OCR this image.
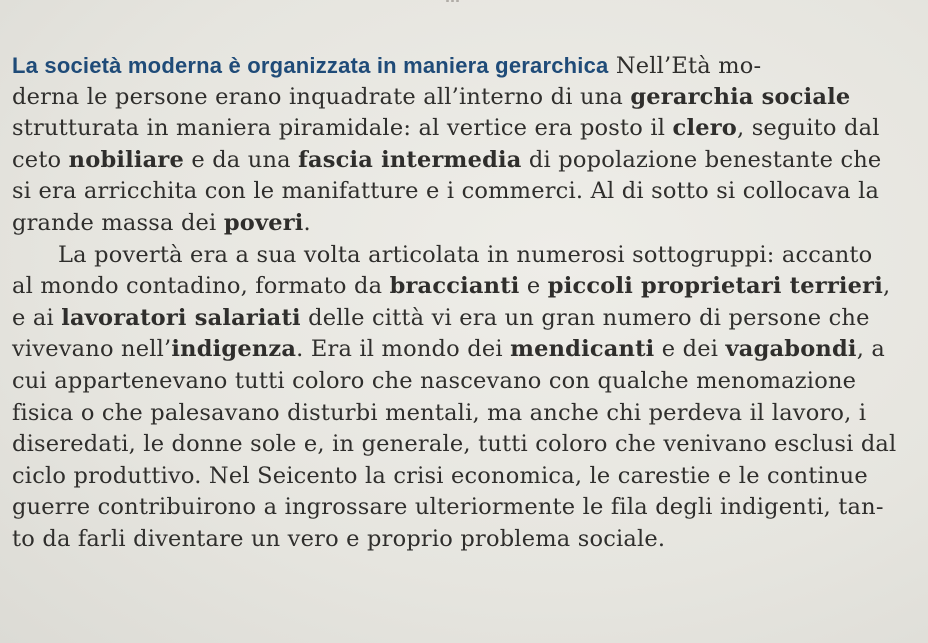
La società moderna è organizzata in maniera gerarchica Nell’Età mo-
derna le persone erano inquadrate all’interno di una gerarchia sociale
strutturata in maniera piramidale: al vertice era posto il clero, seguito dal
ceto nobiliare e da una fascia intermedia di popolazione benestante che
si era arricchita con le manifatture e i commerci. Al di sotto si collocava la
grande massa dei poveri.
La povertà era a sua volta articolata in numerosi sottogruppi: accanto
al mondo contadino, formato da braccianti e piccoli proprietari terrieri,
e ai lavoratori salariati delle città vi era un gran numero di persone che
vivevano nell’indigenza. Era il mondo dei mendicanti e dei vagabondi, a
cui appartenevano tutti coloro che nascevano con qualche menomazione
fisica o che palesavano disturbi mentali, ma anche chi perdeva il lavoro, i
diseredati, le donne sole e, in generale, tutti coloro che venivano esclusi dal
ciclo produttivo. Nel Seicento la crisi economica, le carestie e le continue
guerre contribuirono a ingrossare ulteriormente le fila degli indigenti, tan-
to da farli diventare un vero e proprio problema sociale.
